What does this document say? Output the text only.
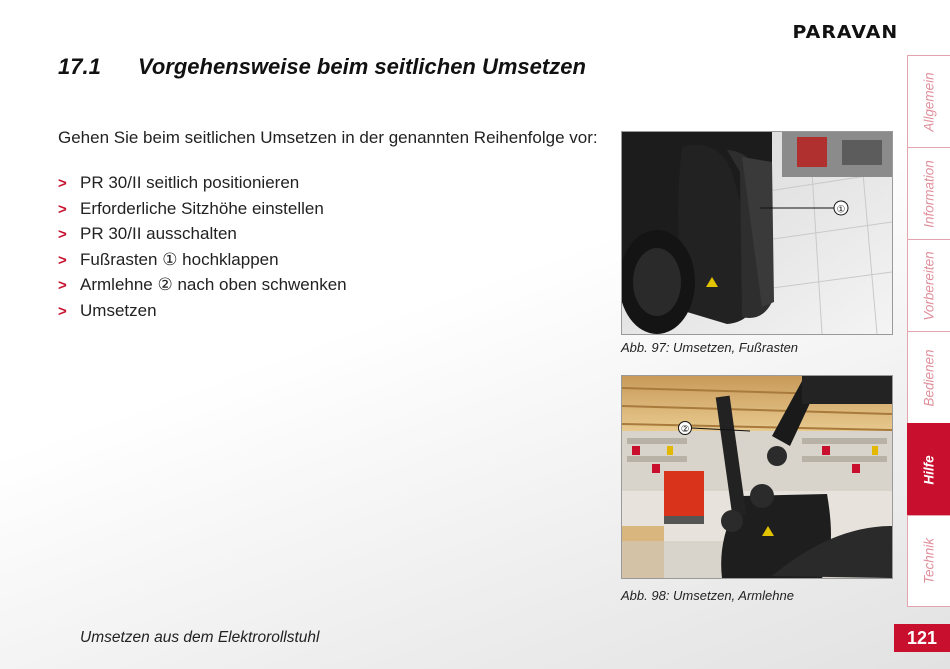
PARAVAN
17.1 Vorgehensweise beim seitlichen Umsetzen
Gehen Sie beim seitlichen Umsetzen in der genannten Reihenfolge vor:
> PR 30/II seitlich positionieren
> Erforderliche Sitzhöhe einstellen
> PR 30/II ausschalten
> Fußrasten ① hochklappen
> Armlehne ② nach oben schwenken
> Umsetzen
①
Abb. 97: Umsetzen, Fußrasten
②
Abb. 98: Umsetzen, Armlehne
Umsetzen aus dem Elektrorollstuhl	121
Allgemein
Information
Vorbereiten
Bedienen
Hilfe
Technik
